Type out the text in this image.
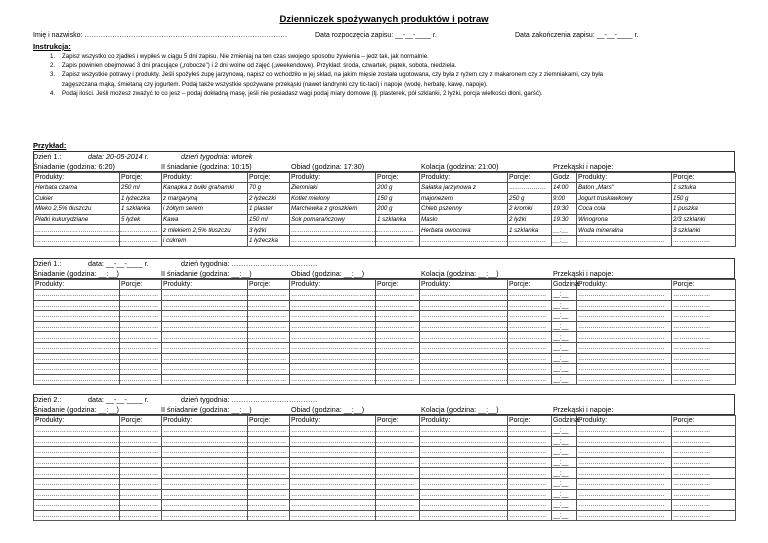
Dzienniczek spożywanych produktów i potraw
Imię i nazwisko: ……………………………………………………………………………	Data rozpoczęcia zapisu: __-__-____ r.	Data zakończenia zapisu: __-__-____ r.
Instrukcja:
1. Zapisz wszystko co zjadłeś i wypiłeś w ciągu 5 dni zapisu. Nie zmieniaj na ten czas swojego sposobu żywienia – jedz tak, jak normalnie.
2. Zapis powinien obejmować 3 dni pracujące („robocze") i 2 dni wolne od zajęć („weekendowe). Przykład: środa, czwartek, piątek, sobota, niedziela.
3. Zapisz wszystkie potrawy i produkty. Jeśli spożyłeś zupę jarzynową, napisz co wchodziło w jej skład, na jakim mięsie została ugotowana, czy była z ryżem czy z makaronem czy z ziemniakami, czy była
zagęszczana mąką, śmietaną czy jogurtem. Podaj także wszystkie spożywane przekąski (nawet landrynki czy tic-taci) i napoje (wodę, herbatę, kawę, napoje).
4. Podaj ilości. Jeśli możesz zważyć to co jesz – podaj dokładną masę, jeśli nie posiadasz wagi podaj miary domowe (tj. plasterek, pół szklanki, 2 łyżki, porcja wielkości dłoni, garść).
Przykład:
Dzień 1.:	data: 20-05-2014 r.	dzień tygodnia: wtorek
Śniadanie (godzina: 6:20)	II śniadanie (godzina: 10:15)	Obiad (godzina: 17:30)	Kolacja (godzina: 21:00)	Przekąski i napoje:
Produkty:	Porcje:	Produkty:	Porcje:	Produkty:	Porcje:	Produkty:	Porcje:	Godz	Produkty:	Porcje:
Herbata czarna	250 ml	Kanapka z bułki grahamki	70 g	Ziemniaki	200 g	Sałatka jarzynowa z	………………	14:00	Baton „Mars"	1 sztuka
Cukier	1 łyżeczka	z margaryną	2 łyżeczki	Kotlet mielony	150 g	majonezem	250 g	9:00	Jogurt truskawkowy	150 g
Mleko 2,5% tłuszczu	1 szklanka	i żółtym serem	1 plaster	Marchewka z groszkiem	200 g	Chleb pszenny	2 kromki	19:30	Coca cola	1 puszka
Płatki kukurydziane	5 łyżek	Kawa	150 ml	Sok pomarańczowy	1 szklanka	Masło	2 łyżki	19:30	Winogrona	2/3 szklanki
……………………………………	………………	z mlekiem 2,5% tłuszczu	3 łyżki	……………………………………	………………	Herbata owocowa	1 szklanka	__:__	Woda mineralna	3 szklanki
……………………………………	………………	i cukrem	1 łyżeczka	……………………………………	………………	……………………………………	………………	__:__	……………………………………	………………
Dzień 1.:	data: __-__-____ r.	dzień tygodnia: ………………………………
Śniadanie (godzina: __:__)	II śniadanie (godzina: __:__)	Obiad (godzina: __:__)	Kolacja (godzina: __:__)	Przekąski i napoje:
Produkty:	Porcje:	Produkty:	Porcje:	Produkty:	Porcje:	Produkty:	Porcje:	Godzina:	Produkty:	Porcje:
……………………………………	………………	……………………………………	………………	……………………………………	………………	……………………………………	………………	__:__	……………………………………	………………
……………………………………	………………	……………………………………	………………	……………………………………	………………	……………………………………	………………	__:__	……………………………………	………………
……………………………………	………………	……………………………………	………………	……………………………………	………………	……………………………………	………………	__:__	……………………………………	………………
……………………………………	………………	……………………………………	………………	……………………………………	………………	……………………………………	………………	__:__	……………………………………	………………
……………………………………	………………	……………………………………	………………	……………………………………	………………	……………………………………	………………	__:__	……………………………………	………………
……………………………………	………………	……………………………………	………………	……………………………………	………………	……………………………………	………………	__:__	……………………………………	………………
……………………………………	………………	……………………………………	………………	……………………………………	………………	……………………………………	………………	__:__	……………………………………	………………
……………………………………	………………	……………………………………	………………	……………………………………	………………	……………………………………	………………	__:__	……………………………………	………………
……………………………………	………………	……………………………………	………………	……………………………………	………………	……………………………………	………………	__:__	……………………………………	………………
Dzień 2.:	data: __-__-____ r.	dzień tygodnia: ………………………………
Śniadanie (godzina: __:__)	II śniadanie (godzina: __:__)	Obiad (godzina: __:__)	Kolacja (godzina: __:__)	Przekąski i napoje:
Produkty:	Porcje:	Produkty:	Porcje:	Produkty:	Porcje:	Produkty:	Porcje:	Godzina:	Produkty:	Porcje:
……………………………………	………………	……………………………………	………………	……………………………………	………………	……………………………………	………………	__:__	……………………………………	………………
……………………………………	………………	……………………………………	………………	……………………………………	………………	……………………………………	………………	__:__	……………………………………	………………
……………………………………	………………	……………………………………	………………	……………………………………	………………	……………………………………	………………	__:__	……………………………………	………………
……………………………………	………………	……………………………………	………………	……………………………………	………………	……………………………………	………………	__:__	……………………………………	………………
……………………………………	………………	……………………………………	………………	……………………………………	………………	……………………………………	………………	__:__	……………………………………	………………
……………………………………	………………	……………………………………	………………	……………………………………	………………	……………………………………	………………	__:__	……………………………………	………………
……………………………………	………………	……………………………………	………………	……………………………………	………………	……………………………………	………………	__:__	……………………………………	………………
……………………………………	………………	……………………………………	………………	……………………………………	………………	……………………………………	………………	__:__	……………………………………	………………
……………………………………	………………	……………………………………	………………	……………………………………	………………	……………………………………	………………	__:__	……………………………………	………………
